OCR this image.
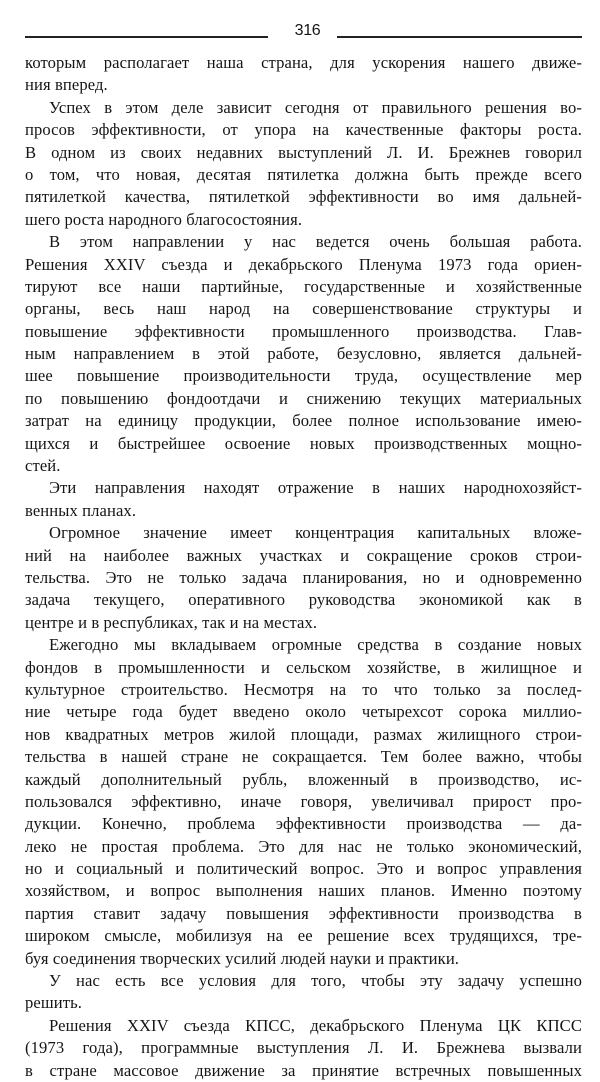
316
которым располагает наша страна, для ускорения нашего движе-
ния вперед.
Успех в этом деле зависит сегодня от правильного решения во-
просов эффективности, от упора на качественные факторы роста.
В одном из своих недавних выступлений Л. И. Брежнев говорил
о том, что новая, десятая пятилетка должна быть прежде всего
пятилеткой качества, пятилеткой эффективности во имя дальней-
шего роста народного благосостояния.
В этом направлении у нас ведется очень большая работа.
Решения XXIV съезда и декабрьского Пленума 1973 года ориен-
тируют все наши партийные, государственные и хозяйственные
органы, весь наш народ на совершенствование структуры и
повышение эффективности промышленного производства. Глав-
ным направлением в этой работе, безусловно, является дальней-
шее повышение производительности труда, осуществление мер
по повышению фондоотдачи и снижению текущих материальных
затрат на единицу продукции, более полное использование имею-
щихся и быстрейшее освоение новых производственных мощно-
стей.
Эти направления находят отражение в наших народнохозяйст-
венных планах.
Огромное значение имеет концентрация капитальных вложе-
ний на наиболее важных участках и сокращение сроков строи-
тельства. Это не только задача планирования, но и одновременно
задача текущего, оперативного руководства экономикой как в
центре и в республиках, так и на местах.
Ежегодно мы вкладываем огромные средства в создание новых
фондов в промышленности и сельском хозяйстве, в жилищное и
культурное строительство. Несмотря на то что только за послед-
ние четыре года будет введено около четырехсот сорока миллио-
нов квадратных метров жилой площади, размах жилищного строи-
тельства в нашей стране не сокращается. Тем более важно, чтобы
каждый дополнительный рубль, вложенный в производство, ис-
пользовался эффективно, иначе говоря, увеличивал прирост про-
дукции. Конечно, проблема эффективности производства — да-
леко не простая проблема. Это для нас не только экономический,
но и социальный и политический вопрос. Это и вопрос управления
хозяйством, и вопрос выполнения наших планов. Именно поэтому
партия ставит задачу повышения эффективности производства в
широком смысле, мобилизуя на ее решение всех трудящихся, тре-
буя соединения творческих усилий людей науки и практики.
У нас есть все условия для того, чтобы эту задачу успешно
решить.
Решения XXIV съезда КПСС, декабрьского Пленума ЦК КПСС
(1973 года), программные выступления Л. И. Брежнева вызвали
в стране массовое движение за принятие встречных повышенных
